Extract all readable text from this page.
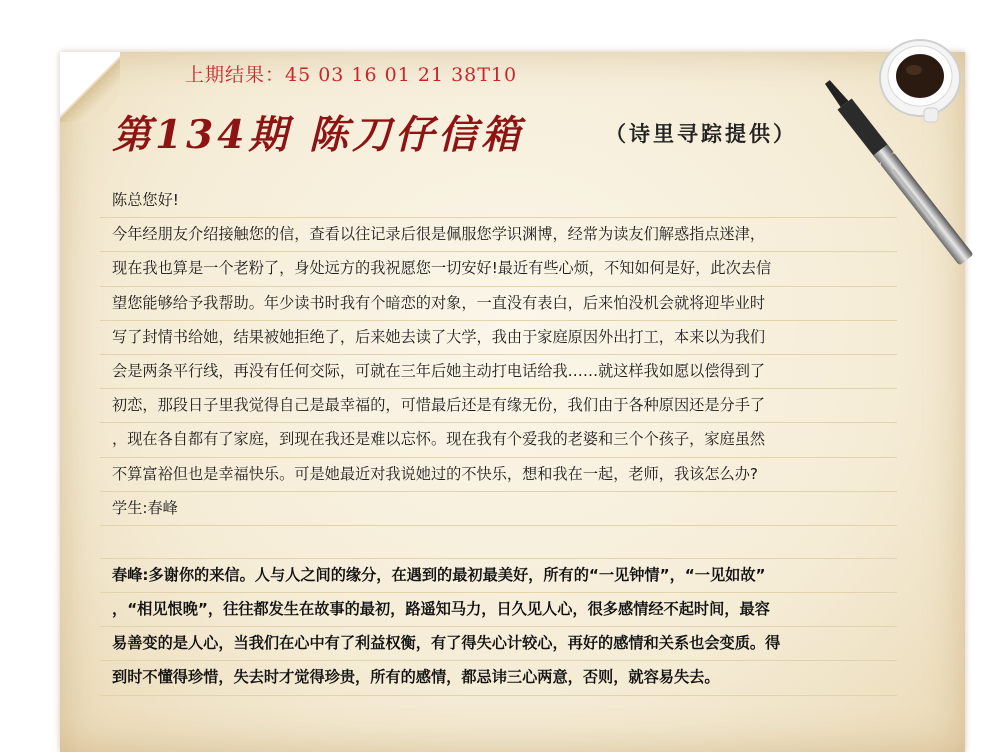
上期结果：45 03 16 01 21 38T10
第134期 陈刀仔信箱	（诗里寻踪提供）
陈总您好!
今年经朋友介绍接触您的信，查看以往记录后很是佩服您学识渊博，经常为读友们解惑指点迷津，
现在我也算是一个老粉了，身处远方的我祝愿您一切安好!最近有些心烦，不知如何是好，此次去信
望您能够给予我帮助。年少读书时我有个暗恋的对象，一直没有表白，后来怕没机会就将迎毕业时
写了封情书给她，结果被她拒绝了，后来她去读了大学，我由于家庭原因外出打工，本来以为我们
会是两条平行线，再没有任何交际，可就在三年后她主动打电话给我……就这样我如愿以偿得到了
初恋，那段日子里我觉得自己是最幸福的，可惜最后还是有缘无份，我们由于各种原因还是分手了
，现在各自都有了家庭，到现在我还是难以忘怀。现在我有个爱我的老婆和三个个孩子，家庭虽然
不算富裕但也是幸福快乐。可是她最近对我说她过的不快乐，想和我在一起，老师，我该怎么办?
学生:春峰
春峰:多谢你的来信。人与人之间的缘分，在遇到的最初最美好，所有的“一见钟情”，“一见如故”
，“相见恨晚”，往往都发生在故事的最初，路遥知马力，日久见人心，很多感情经不起时间，最容
易善变的是人心，当我们在心中有了利益权衡，有了得失心计较心，再好的感情和关系也会变质。得
到时不懂得珍惜，失去时才觉得珍贵，所有的感情，都忌讳三心两意，否则，就容易失去。
